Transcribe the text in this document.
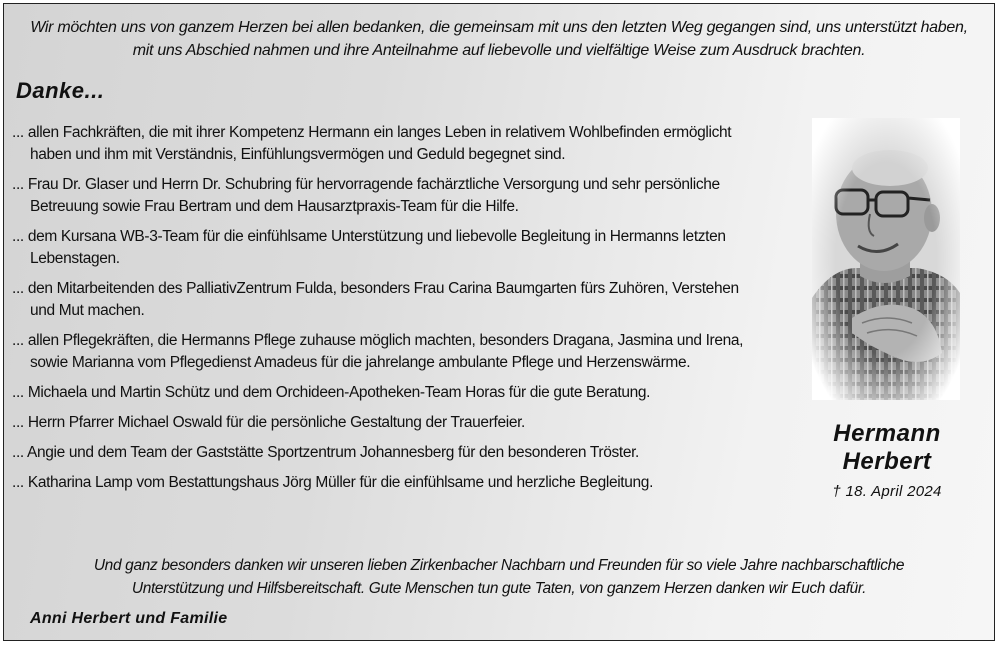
Wir möchten uns von ganzem Herzen bei allen bedanken, die gemeinsam mit uns den letzten Weg gegangen sind, uns unterstützt haben,
mit uns Abschied nahmen und ihre Anteilnahme auf liebevolle und vielfältige Weise zum Ausdruck brachten.
Danke...
... allen Fachkräften, die mit ihrer Kompetenz Hermann ein langes Leben in relativem Wohlbefinden ermöglicht haben und ihm mit Verständnis, Einfühlungsvermögen und Geduld begegnet sind.
... Frau Dr. Glaser und Herrn Dr. Schubring für hervorragende fachärztliche Versorgung und sehr persönliche Betreuung sowie Frau Bertram und dem Hausarztpraxis-Team für die Hilfe.
... dem Kursana WB-3-Team für die einfühlsame Unterstützung und liebevolle Begleitung in Hermanns letzten Lebenstagen.
... den Mitarbeitenden des PalliativZentrum Fulda, besonders Frau Carina Baumgarten fürs Zuhören, Verstehen und Mut machen.
... allen Pflegekräften, die Hermanns Pflege zuhause möglich machten, besonders Dragana, Jasmina und Irena, sowie Marianna vom Pflegedienst Amadeus für die jahrelange ambulante Pflege und Herzenswärme.
... Michaela und Martin Schütz und dem Orchideen-Apotheken-Team Horas für die gute Beratung.
... Herrn Pfarrer Michael Oswald für die persönliche Gestaltung der Trauerfeier.
... Angie und dem Team der Gaststätte Sportzentrum Johannesberg für den besonderen Tröster.
... Katharina Lamp vom Bestattungshaus Jörg Müller für die einfühlsame und herzliche Begleitung.
Hermann
Herbert
† 18. April 2024
Und ganz besonders danken wir unseren lieben Zirkenbacher Nachbarn und Freunden für so viele Jahre nachbarschaftliche
Unterstützung und Hilfsbereitschaft. Gute Menschen tun gute Taten, von ganzem Herzen danken wir Euch dafür.
Anni Herbert und Familie
